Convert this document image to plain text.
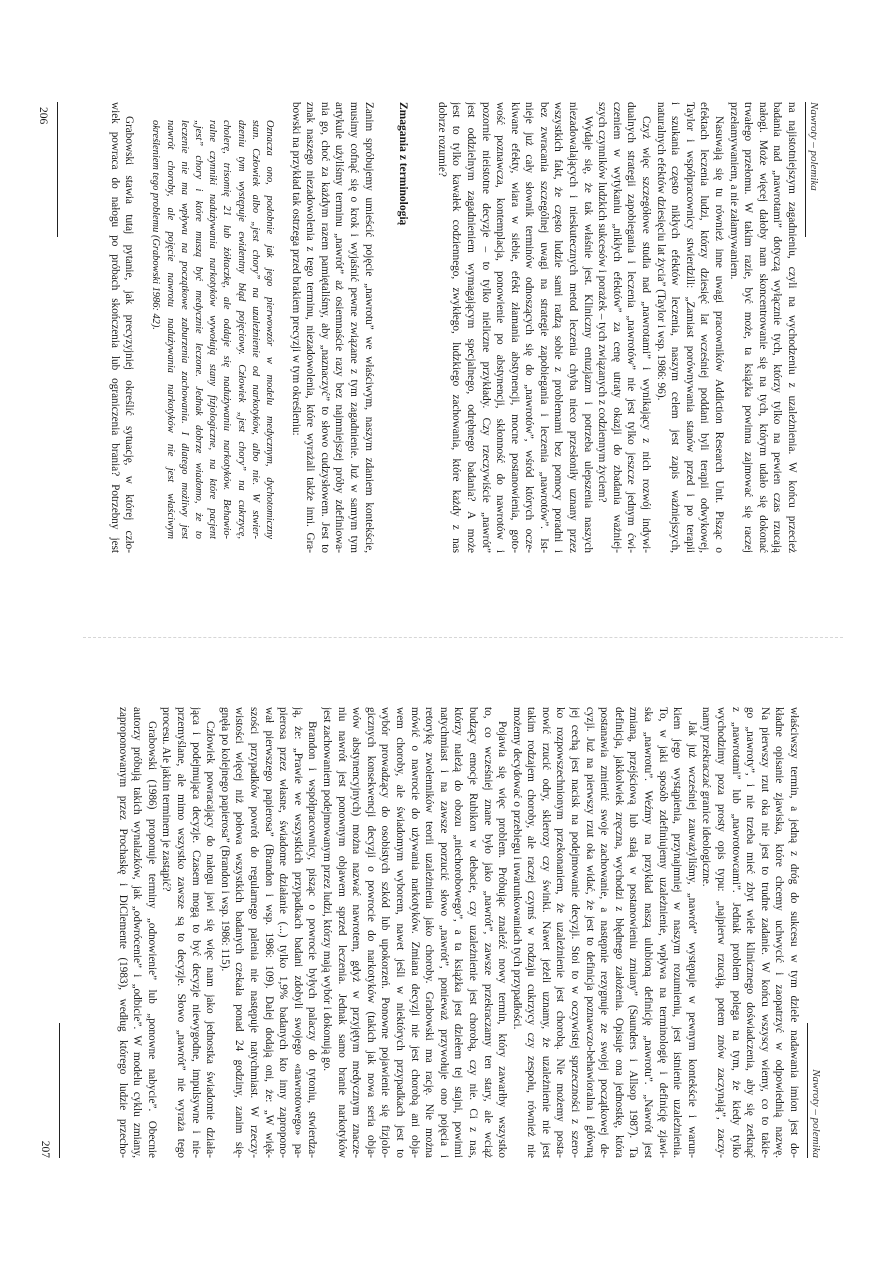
Nawroty – polemika
na najistotniejszym zagadnieniu, czyli na wychodzeniu z uzależnienia. W końcu przecież
badania nad „nawrotami” dotyczą wyłącznie tych, którzy tylko na pewien czas rzucają
nałogi. Może więcej dałoby nam skoncentrowanie się na tych, którym udało się dokonać
trwałego przełomu. W takim razie, być może, ta książka powinna zajmować się raczej
przełamywaniem, a nie załamywaniem.
Nasuwają się tu również inne uwagi pracowników Addiction Research Unit. Pisząc o
efektach leczenia ludzi, którzy dziesięć lat wcześniej poddani byli terapii odwykowej,
Taylor i współpracownicy stwierdzili: „Zamiast porównywania stanów przed i po terapii
i szukania często nikłych efektów leczenia, naszym celem jest zapis ważniejszych,
naturalnych efektów dziesięciu lat życia” (Taylor i wsp. 1986: 96).
Czyż więc szczegółowe studia nad „nawrotami” i wynikający z nich rozwój indywi-
dualnych strategii zapobiegania i leczenia „nawrotów” nie jest tylko jeszcze jednym ćwi-
czeniem w wytykaniu „nikłych efektów” za cenę utraty okazji do zbadania ważniej-
szych czynników ludzkich sukcesów i porażek – tych związanych z codziennym życiem?
Wydaje się, że tak właśnie jest. Kliniczny entuzjazm i potrzeba ulepszenia naszych
niezadowalających i nieskutecznych metod leczenia chyba nieco przesłoniły uznany przez
wszystkich fakt, że często ludzie sami radzą sobie z problemami bez pomocy poradni i
bez zwracania szczególnej uwagi na strategie zapobiegania i leczenia „nawrotów”. Ist-
nieje już cały słownik terminów odnoszących się do „nawrotów”, wśród których ocze-
kiwane efekty, wiara w siebie, efekt złamania abstynencji, mocne postanowienia, goto-
wość poznawcza, kontemplacja, ponowienie po abstynencji, skłonność do nawrotów i
pozornie nieistotne decyzje – to tylko nieliczne przykłady. Czy rzeczywiście „nawrót”
jest oddzielnym zagadnieniem wymagającym specjalnego, odrębnego badania? A może
jest to tylko kawałek codziennego, zwykłego, ludzkiego zachowania, które każdy z nas
dobrze rozumie?
Zmagania z terminologią
Zanim spróbujemy umieścić pojęcie „nawrotu” we właściwym, naszym zdaniem kontekście,
musimy cofnąć się o krok i wyjaśnić pewne związane z tym zagadnienie. Już w samym tym
artykule użyliśmy terminu „nawrót” aż osiemnaście razy bez najmniejszej próby zdefiniowa-
nia go, choć za każdym razem pamiętaliśmy, aby „naznaczyć” to słowo cudzysłowem. Jest to
znak naszego niezadowolenia z tego terminu, niezadowolenia, które wyrażali także inni. Gra-
bowski na przykład tak ostrzega przed brakiem precyzji w tym określeniu:
Oznacza ono, podobnie jak jego pierwowzór w modelu medycznym, dychotomiczny
stan. Człowiek albo „jest chory” na uzależnienie od narkotyków, albo nie. W stwier-
dzeniu tym występuje ewidentny błąd pojęciowy. Człowiek „jest chory” na cukrzycę,
cholerę, trisomię 21 lub żółtaczkę, ale oddaje się nadużywaniu narkotyków. Behawio-
ralne czynniki nadużywania narkotyków wywołują stany fizjologiczne, na które pacjent
„jest” chory i które muszą być medycznie leczone. Jednak dobrze wiadomo, że to
leczenie nie ma wpływu na początkowe zaburzenia zachowania. I dlatego możliwy jest
nawrót choroby, ale pojęcie nawrotu nadużywania narkotyków nie jest właściwym
określeniem tego problemu (Grabowski 1986: 42).
Grabowski stawia tutaj pytanie, jak precyzyjniej określić sytuację, w której czło-
wiek powraca do nałogu po próbach skończenia lub ograniczenia brania? Potrzebny jest
206
Nawroty – polemika
właściwszy termin, a jedną z dróg do sukcesu w tym dziele nadawania imion jest do-
kładne opisanie zjawiska, które chcemy uchwycić i zaopatrzyć w odpowiednią nazwę.
Na pierwszy rzut oka nie jest to trudne zadanie. W końcu wszyscy wiemy, co to takie-
go „nawroty”, i nie trzeba mieć zbyt wiele klinicznego doświadczenia, aby się zetknąć
z „nawrotami” lub „nawrotowcami”. Jednak problem polega na tym, że kiedy tylko
wychodzimy poza prosty opis typu: „najpierw rzucają, potem znów zaczynają”, zaczy-
namy przekraczać granice ideologiczne.
Jak już wcześniej zauważyliśmy, „nawrót” występuje w pewnym kontekście i warun-
kiem jego wystąpienia, przynajmniej w naszym rozumieniu, jest istnienie uzależnienia.
To, w jaki sposób zdefiniujemy uzależnienie, wpływa na terminologię i definicję zjawi-
ska „nawrotu”. Weźmy na przykład naszą ulubioną definicję „nawrotu”. „Nawrót jest
zmianą, przejściową lub stałą w postanowieniu zmiany” (Saunders i Allsop 1987). Ta
definicja, jakkolwiek zręczna, wychodzi z błędnego założenia. Opisuje ona jednostkę, która
postanawia zmienić swoje zachowanie, a następnie rezygnuje ze swojej początkowej de-
cyzji. Już na pierwszy rzut oka widać, że jest to definicja poznawczo-behawioralna i główną
jej cechą jest nacisk na podejmowanie decyzji. Stoi to w oczywistej sprzeczności z szero-
ko rozpowszechnionym przekonaniem, że uzależnienie jest chorobą. Nie możemy posta-
nowić rzucić odry, sklerozy czy świnki. Nawet jeżeli uznamy, że uzależnienie nie jest
takim rodzajem choroby, ale raczej czymś w rodzaju cukrzycy czy zespołu, również nie
możemy decydować o przebiegu i uwarunkowaniach tych przypadłości.
Pojawia się więc problem. Próbując znaleźć nowy termin, który zawarłby wszystko
to, co wcześniej znane było jako „nawrót”, zawsze przekraczamy ten stary, ale wciąż
budzący emocje Rubikon w debacie, czy uzależnienie jest chorobą, czy nie. Ci z nas,
którzy należą do obozu „niechorobowego”, a ta książka jest dziełem tej stajni, powinni
natychmiast i na zawsze porzucić słowo „nawrót”, ponieważ przywołuje ono pojęcia i
retorykę zwolenników teorii uzależnienia jako choroby. Grabowski ma rację. Nie można
mówić o nawrocie do używania narkotyków. Zmiana decyzji nie jest chorobą ani obja-
wem choroby, ale świadomym wyborem, nawet jeśli w niektórych przypadkach jest to
wybór prowadzący do osobistych szkód lub upokorzeń. Ponowne pojawienie się fizjolo-
gicznych konsekwencji decyzji o powrocie do narkotyków (takich jak nowa seria obja-
wów abstynencyjnych) można nazwać nawrotem, gdyż w przyjętym medycznym znacze-
niu nawrót jest ponownym objawem sprzed leczenia. Jednak samo branie narkotyków
jest zachowaniem podejmowanym przez ludzi, którzy mają wybór i dokonują go.
Brandon i współpracownicy, pisząc o powrocie byłych palaczy do tytoniu, stwierdza-
ją, że: „Prawie we wszystkich przypadkach badani zdobyli swojego «nawrotowego» pa-
pierosa przez własne, świadome działanie (...) tylko 1,9% badanych kto inny zapropono-
wał pierwszego papierosa” (Brandon i wsp. 1986: 109). Dalej dodają oni, że: „W więk-
szości przypadków powrót do regularnego palenia nie następuje natychmiast. W rzeczy-
wistości więcej niż połowa wszystkich badanych czekała ponad 24 godziny, zanim się-
gnęła po kolejnego papierosa” (Brandon i wsp. 1986: 115).
Człowiek powracający do nałogu jawi się więc nam jako jednostka świadomie działa-
jąca i podejmująca decyzje. Czasem mogą to być decyzje niewygodne, impulsywne i nie-
przemyślane, ale mimo wszystko zawsze są to decyzje. Słowo „nawrót” nie wyraża tego
procesu. Ale jakim terminem je zastąpić?
Grabowski (1986) proponuje terminy „odnowienie” lub „ponowne nabycie”. Obecnie
autorzy próbują takich wynalazków, jak „odwrócenie” i „odbicie”. W modelu cyklu zmiany,
zaproponowanym przez Prochaskę i DiClemente (1983), według którego ludzie przecho-
207
